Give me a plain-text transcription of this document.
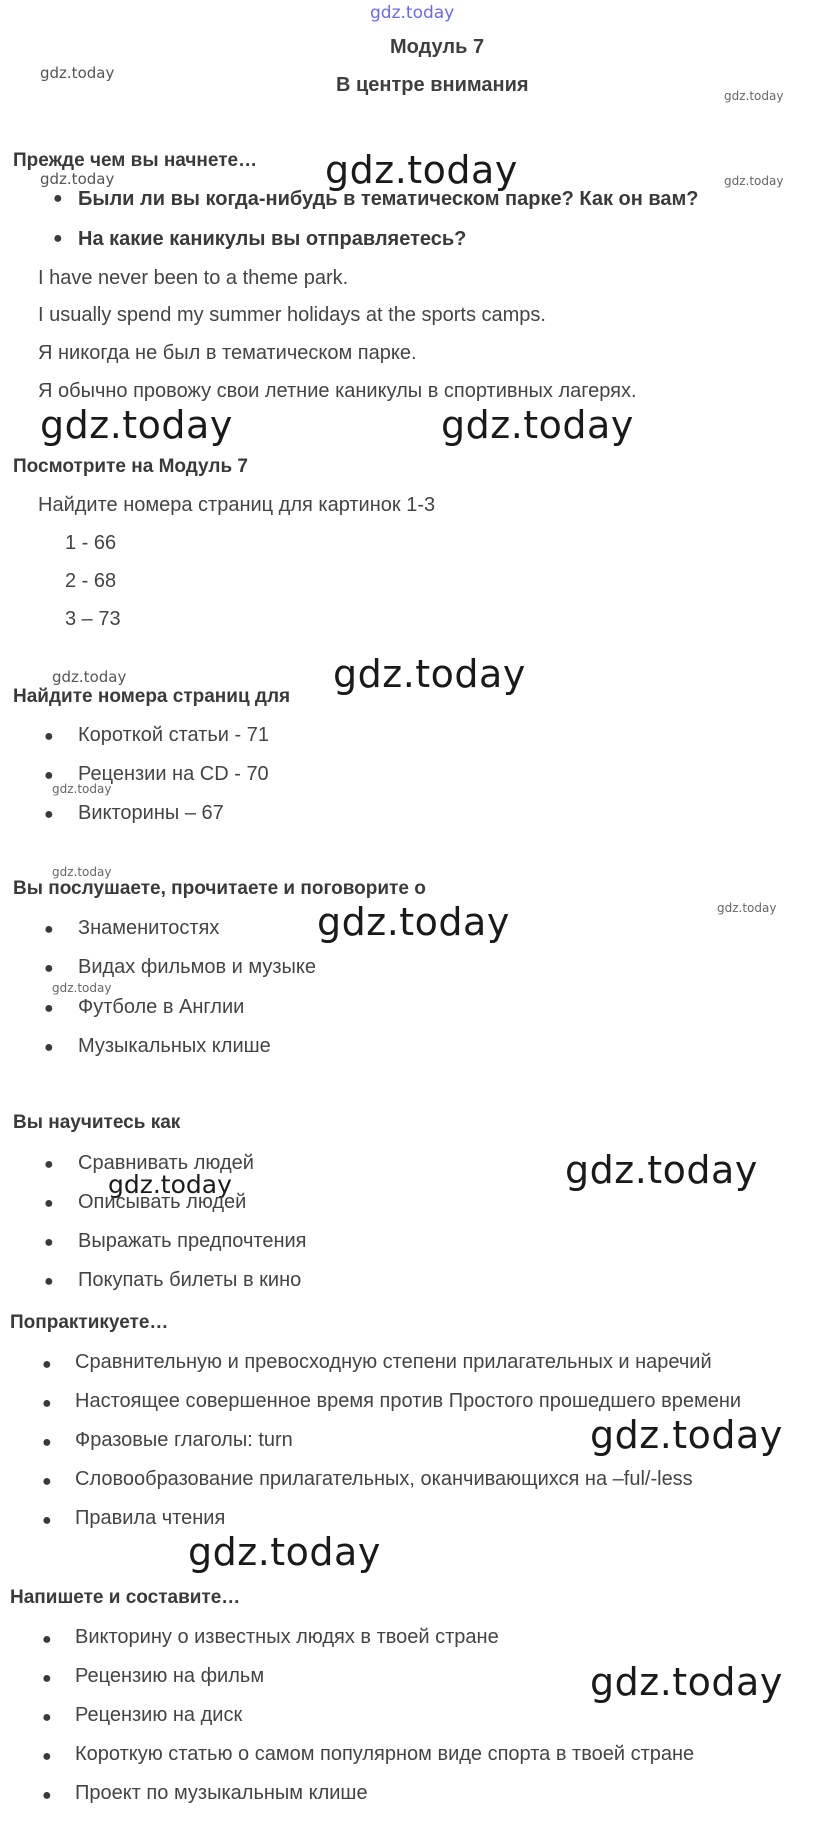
gdz.today
gdz.today
gdz.today
gdz.today	gdz.today
gdz.today
gdz.today	gdz.today
gdz.today	gdz.today
gdz.today
gdz.today
gdz.today
gdz.today
gdz.today
gdz.today
gdz.today
gdz.today
gdz.today
gdz.today
Модуль 7
В центре внимания
Прежде чем вы начнете…
● Были ли вы когда-нибудь в тематическом парке? Как он вам?
● На какие каникулы вы отправляетесь?
I have never been to a theme park.
I usually spend my summer holidays at the sports camps.
Я никогда не был в тематическом парке.
Я обычно провожу свои летние каникулы в спортивных лагерях.
Посмотрите на Модуль 7
Найдите номера страниц для картинок 1-3
1 - 66
2 - 68
3 – 73
Найдите номера страниц для
● Короткой статьи - 71
● Рецензии на CD - 70
● Викторины – 67
Вы послушаете, прочитаете и поговорите о
● Знаменитостях
● Видах фильмов и музыке
● Футболе в Англии
● Музыкальных клише
Вы научитесь как
● Сравнивать людей
● Описывать людей
● Выражать предпочтения
● Покупать билеты в кино
Попрактикуете…
● Сравнительную и превосходную степени прилагательных и наречий
● Настоящее совершенное время против Простого прошедшего времени
● Фразовые глаголы: turn
● Словообразование прилагательных, оканчивающихся на –ful/-less
● Правила чтения
Напишете и составите…
● Викторину о известных людях в твоей стране
● Рецензию на фильм
● Рецензию на диск
● Короткую статью о самом популярном виде спорта в твоей стране
● Проект по музыкальным клише
